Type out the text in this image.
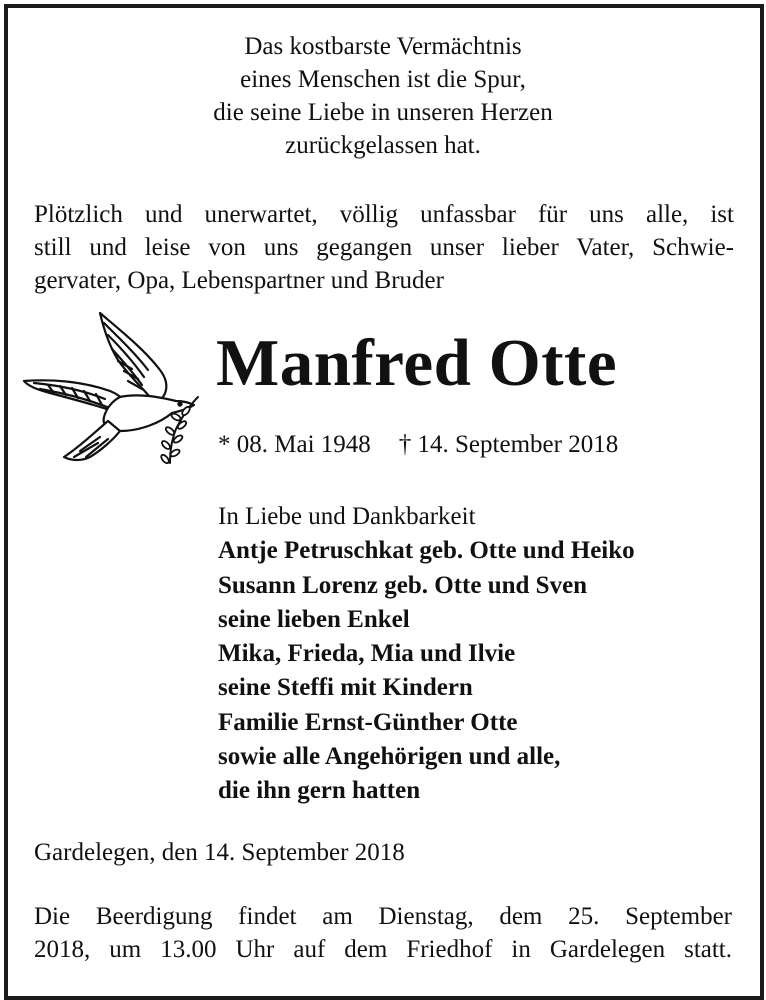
Das kostbarste Vermächtnis
eines Menschen ist die Spur,
die seine Liebe in unseren Herzen
zurückgelassen hat.
Plötzlich und unerwartet, völlig unfassbar für uns alle, ist
still und leise von uns gegangen unser lieber Vater, Schwie-
gervater, Opa, Lebenspartner und Bruder
Manfred Otte
* 08. Mai 1948 † 14. September 2018
In Liebe und Dankbarkeit
Antje Petruschkat geb. Otte und Heiko
Susann Lorenz geb. Otte und Sven
seine lieben Enkel
Mika, Frieda, Mia und Ilvie
seine Steffi mit Kindern
Familie Ernst-Günther Otte
sowie alle Angehörigen und alle,
die ihn gern hatten
Gardelegen, den 14. September 2018
Die Beerdigung findet am Dienstag, dem 25. September
2018, um 13.00 Uhr auf dem Friedhof in Gardelegen statt.
